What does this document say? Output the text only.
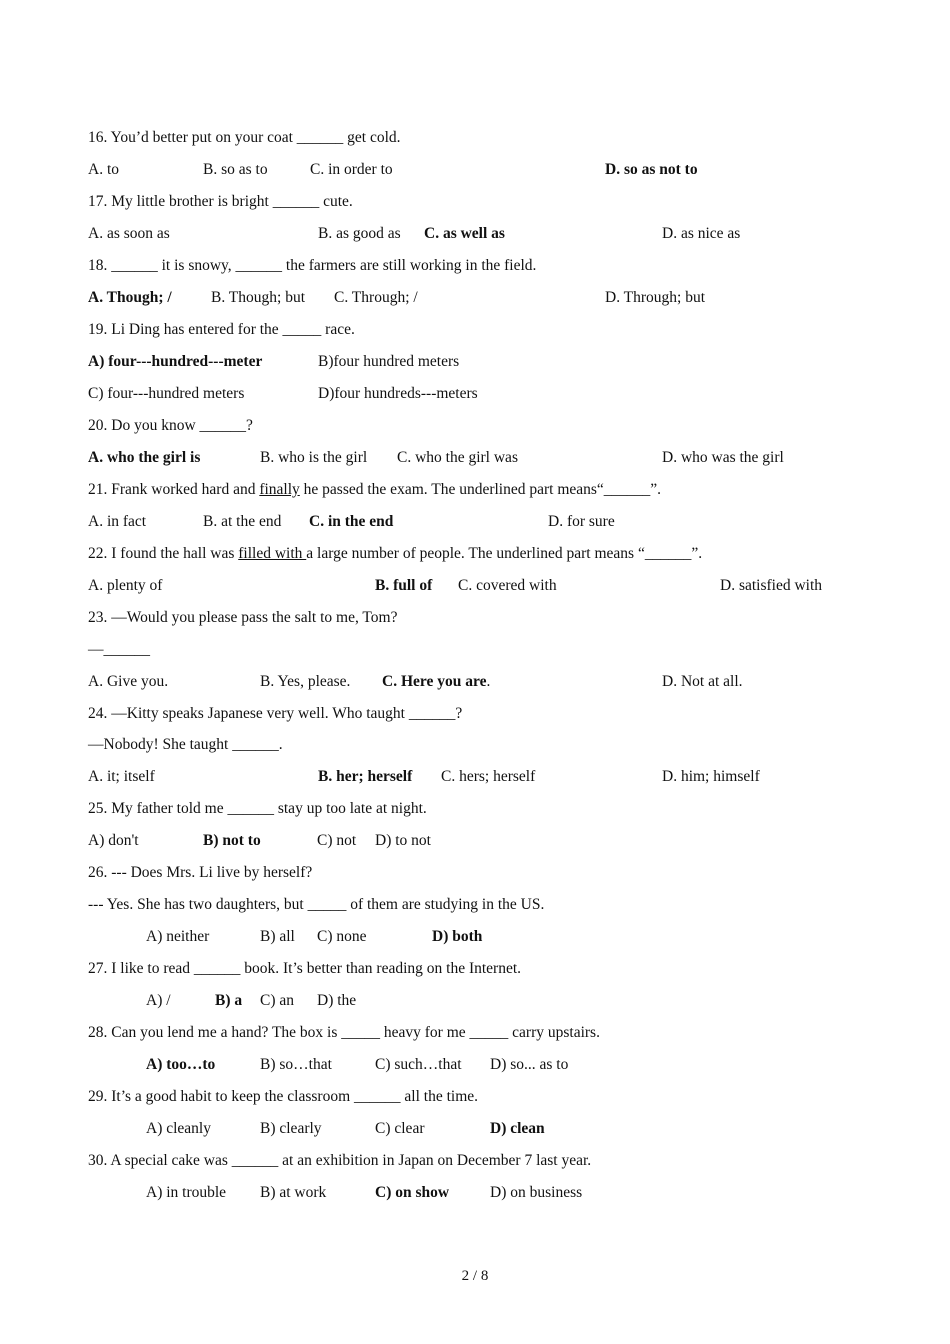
16. You’d better put on your coat ______ get cold.
A. to	B. so as to	C. in order to	D. so as not to
17. My little brother is bright ______ cute.
A. as soon as	B. as good as C. as well as	D. as nice as
18. ______ it is snowy, ______ the farmers are still working in the field.
A. Though; /	B. Though; but C. Through; /	D. Through; but
19. Li Ding has entered for the _____ race.
A) four---hundred---meter	B)four hundred meters
C) four---hundred meters	D)four hundreds---meters
20. Do you know ______?
A. who the girl is	B. who is the girl C. who the girl was	D. who was the girl
21. Frank worked hard and finally he passed the exam. The underlined part means“______”.
A. in fact	B. at the end C. in the end	D. for sure
22. I found the hall was filled with a large number of people. The underlined part means “______”.
A. plenty of	B. full of C. covered with	D. satisfied with
23. —Would you please pass the salt to me, Tom?
—______
A. Give you.	B. Yes, please. C. Here you are.	D. Not at all.
24. —Kitty speaks Japanese very well. Who taught ______?
—Nobody! She taught ______.
A. it; itself	B. her; herself C. hers; herself	D. him; himself
25. My father told me ______ stay up too late at night.
A) don't	B) not to	C) not D) to not
26. --- Does Mrs. Li live by herself?
--- Yes. She has two daughters, but _____ of them are studying in the US.
A) neither	B) all C) none	D) both
27. I like to read ______ book. It’s better than reading on the Internet.
A) /	B) a C) an D) the
28. Can you lend me a hand? The box is _____ heavy for me _____ carry upstairs.
A) too…to	B) so…that	C) such…that D) so... as to
29. It’s a good habit to keep the classroom ______ all the time.
A) cleanly	B) clearly	C) clear	D) clean
30. A special cake was ______ at an exhibition in Japan on December 7 last year.
A) in trouble B) at work	C) on show	D) on business
2 / 8
